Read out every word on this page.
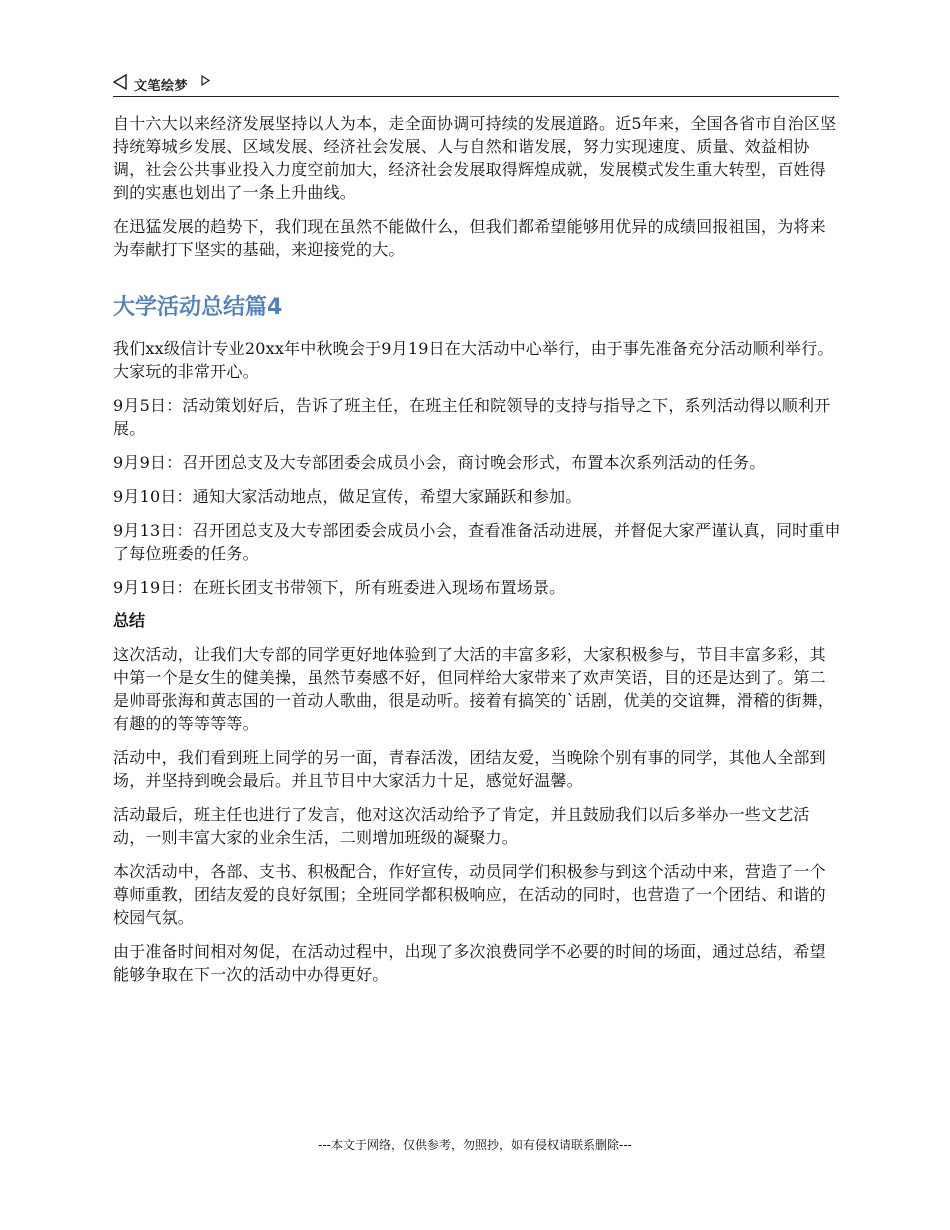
文笔绘梦

自十六大以来经济发展坚持以人为本，走全面协调可持续的发展道路。近5年来，全国各省市自治区坚持统筹城乡发展、区域发展、经济社会发展、人与自然和谐发展，努力实现速度、质量、效益相协调，社会公共事业投入力度空前加大，经济社会发展取得辉煌成就，发展模式发生重大转型，百姓得到的实惠也划出了一条上升曲线。

在迅猛发展的趋势下，我们现在虽然不能做什么，但我们都希望能够用优异的成绩回报祖国，为将来为奉献打下坚实的基础，来迎接党的大。

大学活动总结篇4

我们xx级信计专业20xx年中秋晚会于9月19日在大活动中心举行，由于事先准备充分活动顺利举行。大家玩的非常开心。

9月5日：活动策划好后，告诉了班主任，在班主任和院领导的支持与指导之下，系列活动得以顺利开展。

9月9日：召开团总支及大专部团委会成员小会，商讨晚会形式，布置本次系列活动的任务。

9月10日：通知大家活动地点，做足宣传，希望大家踊跃和参加。

9月13日：召开团总支及大专部团委会成员小会，查看准备活动进展，并督促大家严谨认真，同时重申了每位班委的任务。

9月19日：在班长团支书带领下，所有班委进入现场布置场景。

总结

这次活动，让我们大专部的同学更好地体验到了大活的丰富多彩，大家积极参与，节目丰富多彩，其中第一个是女生的健美操，虽然节奏感不好，但同样给大家带来了欢声笑语，目的还是达到了。第二是帅哥张海和黄志国的一首动人歌曲，很是动听。接着有搞笑的`话剧，优美的交谊舞，滑稽的街舞，有趣的的等等等等。

活动中，我们看到班上同学的另一面，青春活泼，团结友爱，当晚除个别有事的同学，其他人全部到场，并坚持到晚会最后。并且节目中大家活力十足，感觉好温馨。

活动最后，班主任也进行了发言，他对这次活动给予了肯定，并且鼓励我们以后多举办一些文艺活动，一则丰富大家的业余生活，二则增加班级的凝聚力。

本次活动中，各部、支书、积极配合，作好宣传，动员同学们积极参与到这个活动中来，营造了一个尊师重教，团结友爱的良好氛围；全班同学都积极响应，在活动的同时，也营造了一个团结、和谐的校园气氛。

由于准备时间相对匆促，在活动过程中，出现了多次浪费同学不必要的时间的场面，通过总结，希望能够争取在下一次的活动中办得更好。

---本文于网络，仅供参考，勿照抄，如有侵权请联系删除---
